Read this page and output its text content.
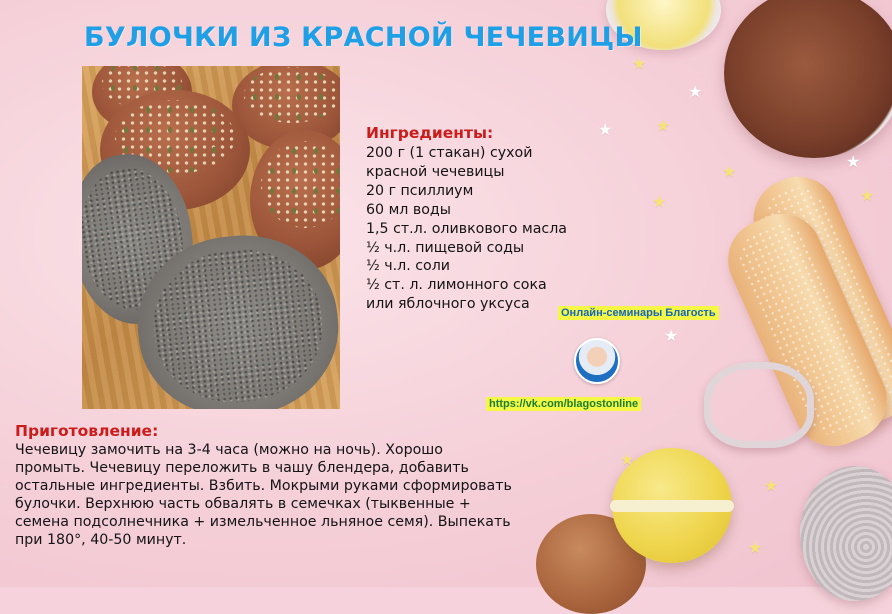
★
★
★
★
★
★
★
★
★
★
★
★
БУЛОЧКИ ИЗ КРАСНОЙ ЧЕЧЕВИЦЫ
Ингредиенты:
200 г (1 стакан) сухой
красной чечевицы
20 г псиллиум
60 мл воды
1,5 ст.л. оливкового масла
½ ч.л. пищевой соды
½ ч.л. соли
½ ст. л. лимонного сока
или яблочного уксуса
Онлайн-семинары Благость
https://vk.com/blagostonline
Приготовление:

Чечевицу замочить на 3-4 часа (можно на ночь). Хорошо
промыть. Чечевицу переложить в чашу блендера, добавить
остальные ингредиенты. Взбить. Мокрыми руками сформировать
булочки. Верхнюю часть обвалять в семечках (тыквенные +
семена подсолнечника + измельченное льняное семя). Выпекать
при 180°, 40-50 минут.
